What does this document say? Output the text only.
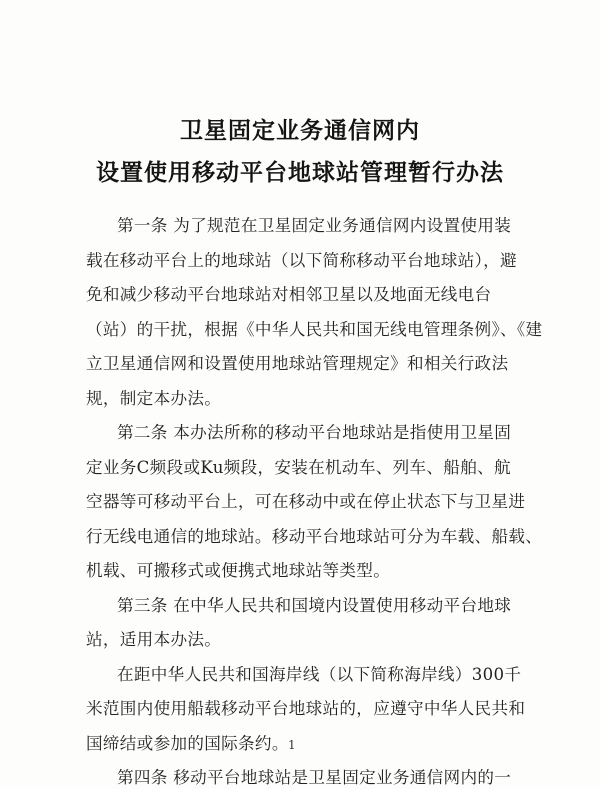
卫星固定业务通信网内
设置使用移动平台地球站管理暂行办法
第一条 为了规范在卫星固定业务通信网内设置使用装
载在移动平台上的地球站（以下简称移动平台地球站），避
免和减少移动平台地球站对相邻卫星以及地面无线电台
（站）的干扰，根据《中华人民共和国无线电管理条例》、《建
立卫星通信网和设置使用地球站管理规定》和相关行政法
规，制定本办法。
第二条 本办法所称的移动平台地球站是指使用卫星固
定业务C频段或Ku频段，安装在机动车、列车、船舶、航
空器等可移动平台上，可在移动中或在停止状态下与卫星进
行无线电通信的地球站。移动平台地球站可分为车载、船载、
机载、可搬移式或便携式地球站等类型。
第三条 在中华人民共和国境内设置使用移动平台地球
站，适用本办法。
在距中华人民共和国海岸线（以下简称海岸线）300千
米范围内使用船载移动平台地球站的，应遵守中华人民共和
国缔结或参加的国际条约。
第四条 移动平台地球站是卫星固定业务通信网内的一
1
